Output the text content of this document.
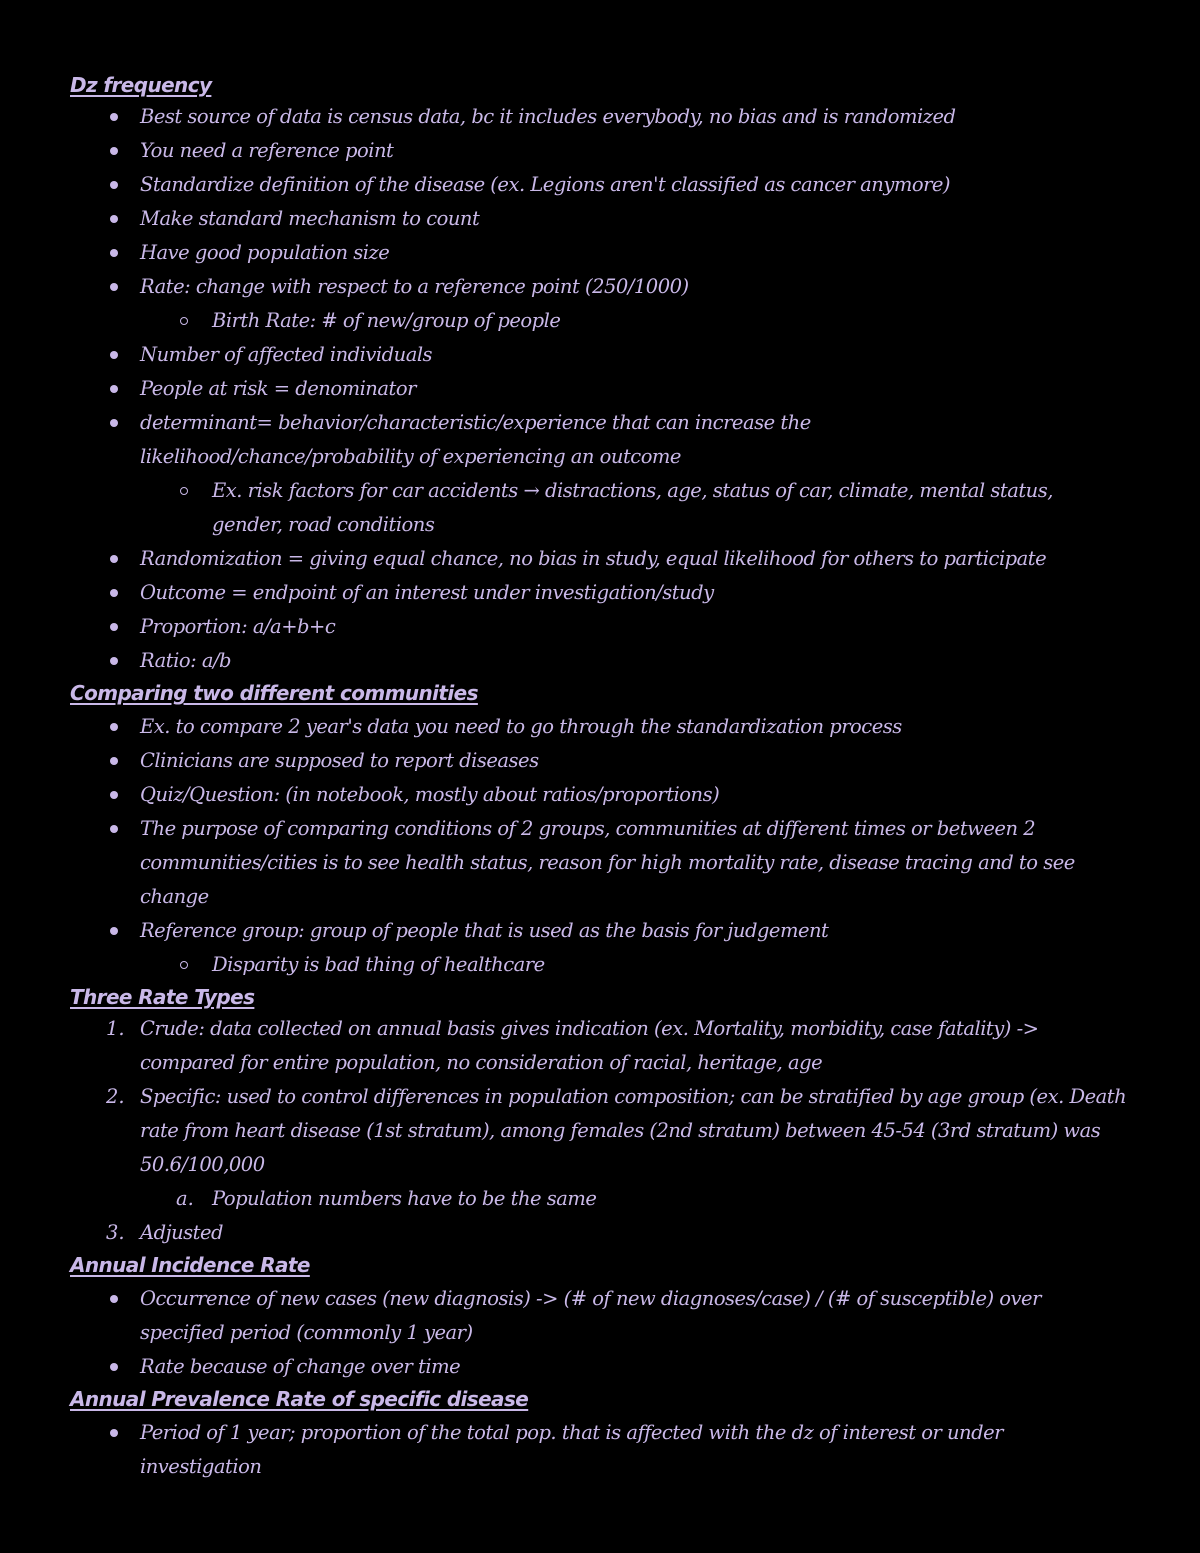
Dz frequency
Best source of data is census data, bc it includes everybody, no bias and is randomized
You need a reference point
Standardize definition of the disease (ex. Legions aren't classified as cancer anymore)
Make standard mechanism to count
Have good population size
Rate: change with respect to a reference point (250/1000)
Birth Rate: # of new/group of people
Number of affected individuals
People at risk = denominator
determinant= behavior/characteristic/experience that can increase the likelihood/chance/probability of experiencing an outcome
Ex. risk factors for car accidents → distractions, age, status of car, climate, mental status, gender, road conditions
Randomization = giving equal chance, no bias in study, equal likelihood for others to participate
Outcome = endpoint of an interest under investigation/study
Proportion: a/a+b+c
Ratio: a/b
Comparing two different communities
Ex. to compare 2 year's data you need to go through the standardization process
Clinicians are supposed to report diseases
Quiz/Question: (in notebook, mostly about ratios/proportions)
The purpose of comparing conditions of 2 groups, communities at different times or between 2 communities/cities is to see health status, reason for high mortality rate, disease tracing and to see change
Reference group: group of people that is used as the basis for judgement
Disparity is bad thing of healthcare
Three Rate Types
1. Crude: data collected on annual basis gives indication (ex. Mortality, morbidity, case fatality) -> compared for entire population, no consideration of racial, heritage, age
2. Specific: used to control differences in population composition; can be stratified by age group (ex. Death rate from heart disease (1st stratum), among females (2nd stratum) between 45-54 (3rd stratum) was 50.6/100,000
a. Population numbers have to be the same
3. Adjusted
Annual Incidence Rate
Occurrence of new cases (new diagnosis) -> (# of new diagnoses/case) / (# of susceptible) over specified period (commonly 1 year)
Rate because of change over time
Annual Prevalence Rate of specific disease
Period of 1 year; proportion of the total pop. that is affected with the dz of interest or under investigation
